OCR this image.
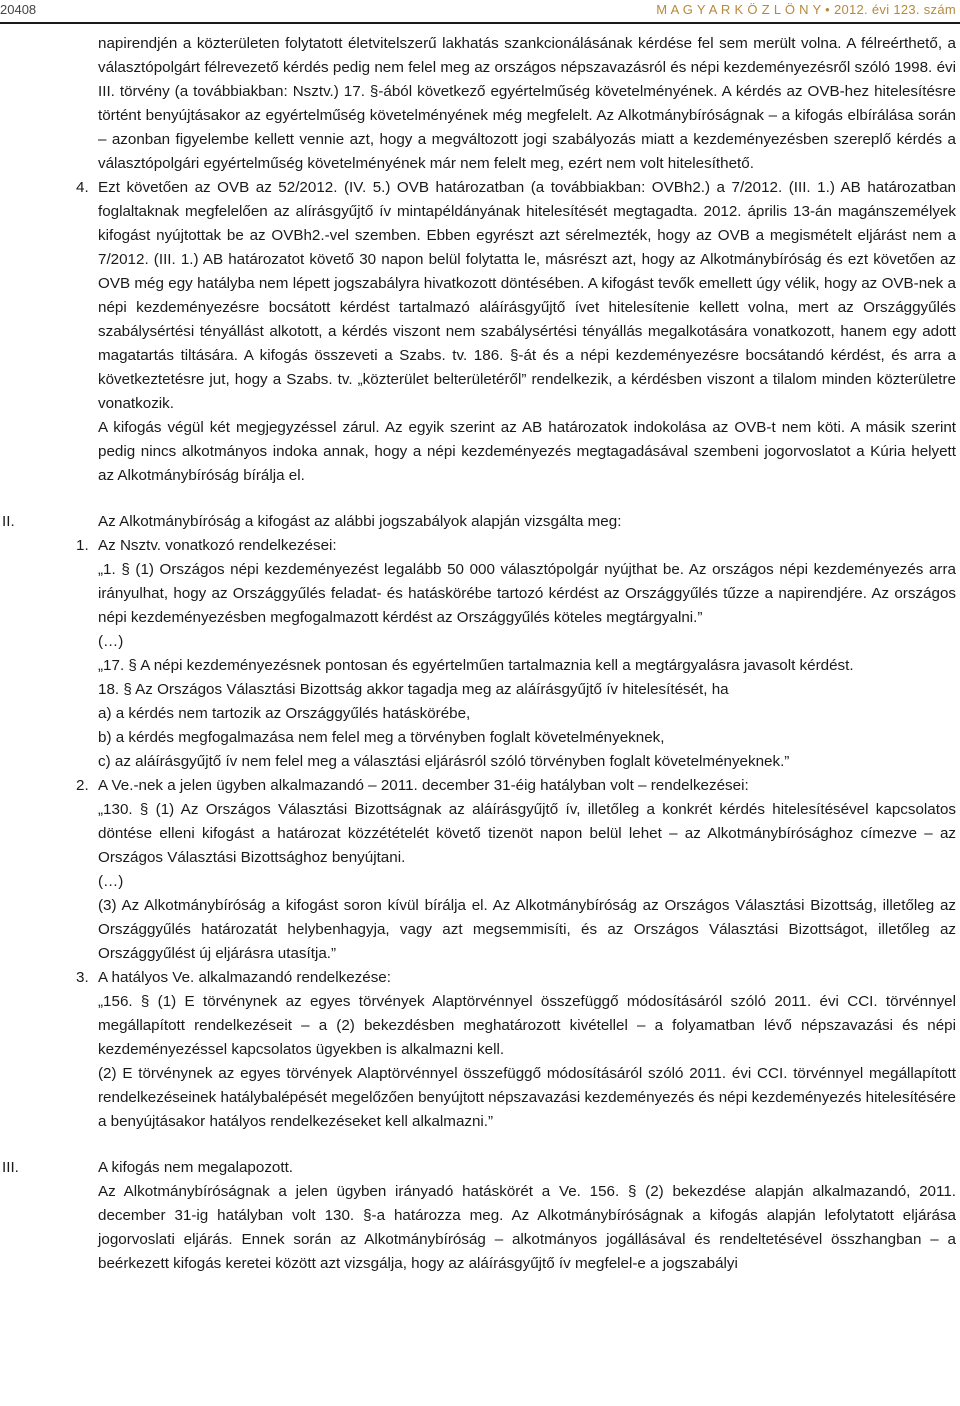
20408	M A G Y A R K Ö Z L Ö N Y • 2012. évi 123. szám

napirendjén a közterületen folytatott életvitelszerű lakhatás szankcionálásának kérdése fel sem merült volna. A félreérthető, a választópolgárt félrevezető kérdés pedig nem felel meg az országos népszavazásról és népi kezdeményezésről szóló 1998. évi III. törvény (a továbbiakban: Nsztv.) 17. §-ából következő egyértelműség követelményének. A kérdés az OVB-hez hitelesítésre történt benyújtásakor az egyértelműség követelményének még megfelelt. Az Alkotmánybíróságnak – a kifogás elbírálása során – azonban figyelembe kellett vennie azt, hogy a megváltozott jogi szabályozás miatt a kezdeményezésben szereplő kérdés a választópolgári egyértelműség követelményének már nem felelt meg, ezért nem volt hitelesíthető.

4. Ezt követően az OVB az 52/2012. (IV. 5.) OVB határozatban (a továbbiakban: OVBh2.) a 7/2012. (III. 1.) AB határozatban foglaltaknak megfelelően az alírásgyűjtő ív mintapéldányának hitelesítését megtagadta. 2012. április 13-án magánszemélyek kifogást nyújtottak be az OVBh2.-vel szemben. Ebben egyrészt azt sérelmezték, hogy az OVB a megismételt eljárást nem a 7/2012. (III. 1.) AB határozatot követő 30 napon belül folytatta le, másrészt azt, hogy az Alkotmánybíróság és ezt követően az OVB még egy hatályba nem lépett jogszabályra hivatkozott döntésében. A kifogást tevők emellett úgy vélik, hogy az OVB-nek a népi kezdeményezésre bocsátott kérdést tartalmazó aláírásgyűjtő ívet hitelesítenie kellett volna, mert az Országgyűlés szabálysértési tényállást alkotott, a kérdés viszont nem szabálysértési tényállás megalkotására vonatkozott, hanem egy adott magatartás tiltására. A kifogás összeveti a Szabs. tv. 186. §-át és a népi kezdeményezésre bocsátandó kérdést, és arra a következtetésre jut, hogy a Szabs. tv. „közterület belterületéről” rendelkezik, a kérdésben viszont a tilalom minden közterületre vonatkozik.

A kifogás végül két megjegyzéssel zárul. Az egyik szerint az AB határozatok indokolása az OVB-t nem köti. A másik szerint pedig nincs alkotmányos indoka annak, hogy a népi kezdeményezés megtagadásával szembeni jogorvoslatot a Kúria helyett az Alkotmánybíróság bírálja el.

II.	Az Alkotmánybíróság a kifogást az alábbi jogszabályok alapján vizsgálta meg:

1. Az Nsztv. vonatkozó rendelkezései:

„1. § (1) Országos népi kezdeményezést legalább 50 000 választópolgár nyújthat be. Az országos népi kezdeményezés arra irányulhat, hogy az Országgyűlés feladat- és hatáskörébe tartozó kérdést az Országgyűlés tűzze a napirendjére. Az országos népi kezdeményezésben megfogalmazott kérdést az Országgyűlés köteles megtárgyalni.”

(…)

„17. § A népi kezdeményezésnek pontosan és egyértelműen tartalmaznia kell a megtárgyalásra javasolt kérdést.

18. § Az Országos Választási Bizottság akkor tagadja meg az aláírásgyűjtő ív hitelesítését, ha

a) a kérdés nem tartozik az Országgyűlés hatáskörébe,

b) a kérdés megfogalmazása nem felel meg a törvényben foglalt követelményeknek,

c) az aláírásgyűjtő ív nem felel meg a választási eljárásról szóló törvényben foglalt követelményeknek.”

2. A Ve.-nek a jelen ügyben alkalmazandó – 2011. december 31-éig hatályban volt – rendelkezései:

„130. § (1) Az Országos Választási Bizottságnak az aláírásgyűjtő ív, illetőleg a konkrét kérdés hitelesítésével kapcsolatos döntése elleni kifogást a határozat közzétételét követő tizenöt napon belül lehet – az Alkotmánybírósághoz címezve – az Országos Választási Bizottsághoz benyújtani.

(…)

(3) Az Alkotmánybíróság a kifogást soron kívül bírálja el. Az Alkotmánybíróság az Országos Választási Bizottság, illetőleg az Országgyűlés határozatát helybenhagyja, vagy azt megsemmisíti, és az Országos Választási Bizottságot, illetőleg az Országgyűlést új eljárásra utasítja.”

3. A hatályos Ve. alkalmazandó rendelkezése:

„156. § (1) E törvénynek az egyes törvények Alaptörvénnyel összefüggő módosításáról szóló 2011. évi CCI. törvénnyel megállapított rendelkezéseit – a (2) bekezdésben meghatározott kivétellel – a folyamatban lévő népszavazási és népi kezdeményezéssel kapcsolatos ügyekben is alkalmazni kell.

(2) E törvénynek az egyes törvények Alaptörvénnyel összefüggő módosításáról szóló 2011. évi CCI. törvénnyel megállapított rendelkezéseinek hatálybalépését megelőzően benyújtott népszavazási kezdeményezés és népi kezdeményezés hitelesítésére a benyújtásakor hatályos rendelkezéseket kell alkalmazni.”

III.	A kifogás nem megalapozott.

Az Alkotmánybíróságnak a jelen ügyben irányadó hatáskörét a Ve. 156. § (2) bekezdése alapján alkalmazandó, 2011. december 31-ig hatályban volt 130. §-a határozza meg. Az Alkotmánybíróságnak a kifogás alapján lefolytatott eljárása jogorvoslati eljárás. Ennek során az Alkotmánybíróság – alkotmányos jogállásával és rendeltetésével összhangban – a beérkezett kifogás keretei között azt vizsgálja, hogy az aláírásgyűjtő ív megfelel-e a jogszabályi
